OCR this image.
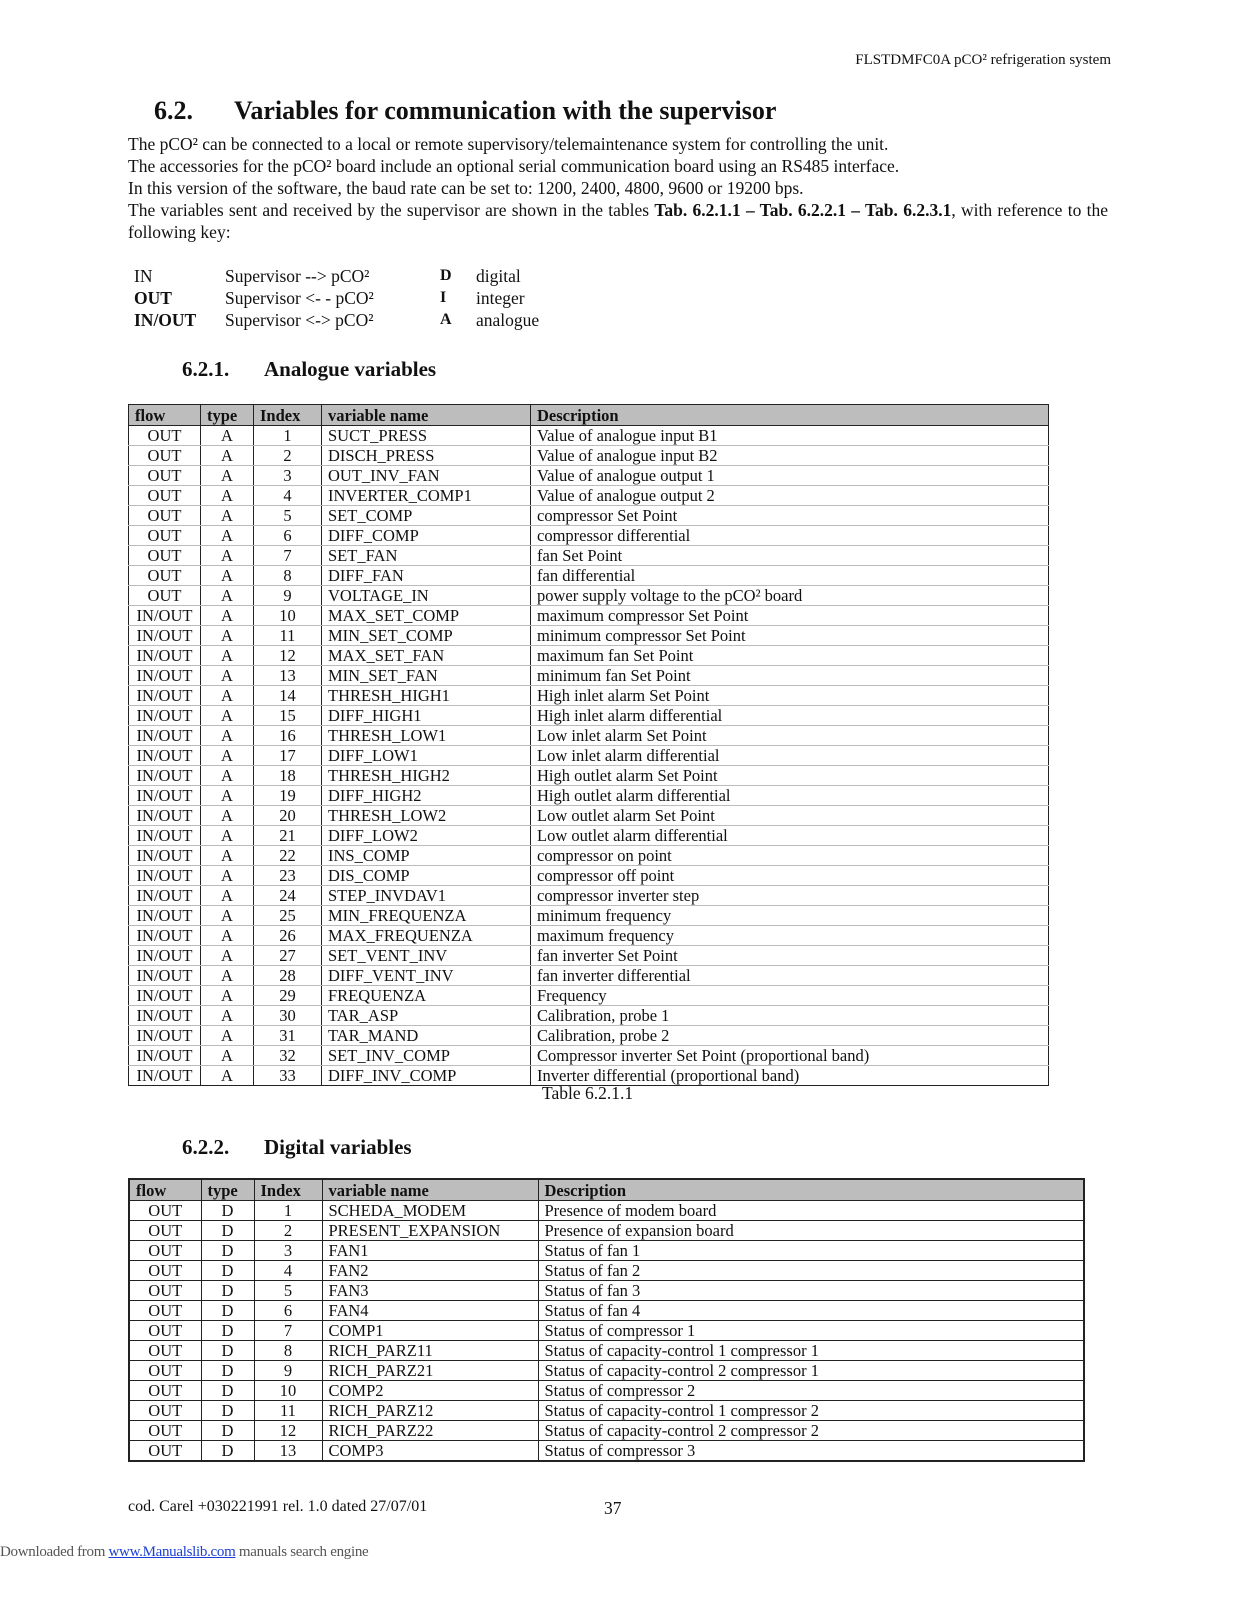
FLSTDMFC0A pCO² refrigeration system
6.2. Variables for communication with the supervisor

The pCO² can be connected to a local or remote supervisory/telemaintenance system for controlling the unit.

The accessories for the pCO² board include an optional serial communication board using an RS485 interface.

In this version of the software, the baud rate can be set to: 1200, 2400, 4800, 9600 or 19200 bps.

The variables sent and received by the supervisor are shown in the tables Tab. 6.2.1.1 – Tab. 6.2.2.1 – Tab. 6.2.3.1, with reference to the following key:

IN	Supervisor --> pCO²	D	digital
OUT	Supervisor <- - pCO²	I	integer
IN/OUT	Supervisor <-> pCO²	A	analogue
6.2.1. Analogue variables
flow	type	Index	variable name	Description
OUT	A	1	SUCT_PRESS	Value of analogue input B1
OUT	A	2	DISCH_PRESS	Value of analogue input B2
OUT	A	3	OUT_INV_FAN	Value of analogue output 1
OUT	A	4	INVERTER_COMP1	Value of analogue output 2
OUT	A	5	SET_COMP	compressor Set Point
OUT	A	6	DIFF_COMP	compressor differential
OUT	A	7	SET_FAN	fan Set Point
OUT	A	8	DIFF_FAN	fan differential
OUT	A	9	VOLTAGE_IN	power supply voltage to the pCO² board
IN/OUT	A	10	MAX_SET_COMP	maximum compressor Set Point
IN/OUT	A	11	MIN_SET_COMP	minimum compressor Set Point
IN/OUT	A	12	MAX_SET_FAN	maximum fan Set Point
IN/OUT	A	13	MIN_SET_FAN	minimum fan Set Point
IN/OUT	A	14	THRESH_HIGH1	High inlet alarm Set Point
IN/OUT	A	15	DIFF_HIGH1	High inlet alarm differential
IN/OUT	A	16	THRESH_LOW1	Low inlet alarm Set Point
IN/OUT	A	17	DIFF_LOW1	Low inlet alarm differential
IN/OUT	A	18	THRESH_HIGH2	High outlet alarm Set Point
IN/OUT	A	19	DIFF_HIGH2	High outlet alarm differential
IN/OUT	A	20	THRESH_LOW2	Low outlet alarm Set Point
IN/OUT	A	21	DIFF_LOW2	Low outlet alarm differential
IN/OUT	A	22	INS_COMP	compressor on point
IN/OUT	A	23	DIS_COMP	compressor off point
IN/OUT	A	24	STEP_INVDAV1	compressor inverter step
IN/OUT	A	25	MIN_FREQUENZA	minimum frequency
IN/OUT	A	26	MAX_FREQUENZA	maximum frequency
IN/OUT	A	27	SET_VENT_INV	fan inverter Set Point
IN/OUT	A	28	DIFF_VENT_INV	fan inverter differential
IN/OUT	A	29	FREQUENZA	Frequency
IN/OUT	A	30	TAR_ASP	Calibration, probe 1
IN/OUT	A	31	TAR_MAND	Calibration, probe 2
IN/OUT	A	32	SET_INV_COMP	Compressor inverter Set Point (proportional band)
IN/OUT	A	33	DIFF_INV_COMP	Inverter differential (proportional band)
Table 6.2.1.1
6.2.2. Digital variables
flow	type	Index	variable name	Description
OUT	D	1	SCHEDA_MODEM	Presence of modem board
OUT	D	2	PRESENT_EXPANSION	Presence of expansion board
OUT	D	3	FAN1	Status of fan 1
OUT	D	4	FAN2	Status of fan 2
OUT	D	5	FAN3	Status of fan 3
OUT	D	6	FAN4	Status of fan 4
OUT	D	7	COMP1	Status of compressor 1
OUT	D	8	RICH_PARZ11	Status of capacity-control 1 compressor 1
OUT	D	9	RICH_PARZ21	Status of capacity-control 2 compressor 1
OUT	D	10	COMP2	Status of compressor 2
OUT	D	11	RICH_PARZ12	Status of capacity-control 1 compressor 2
OUT	D	12	RICH_PARZ22	Status of capacity-control 2 compressor 2
OUT	D	13	COMP3	Status of compressor 3
cod. Carel +030221991 rel. 1.0 dated 27/07/01	37
Downloaded from www.Manualslib.com manuals search engine
